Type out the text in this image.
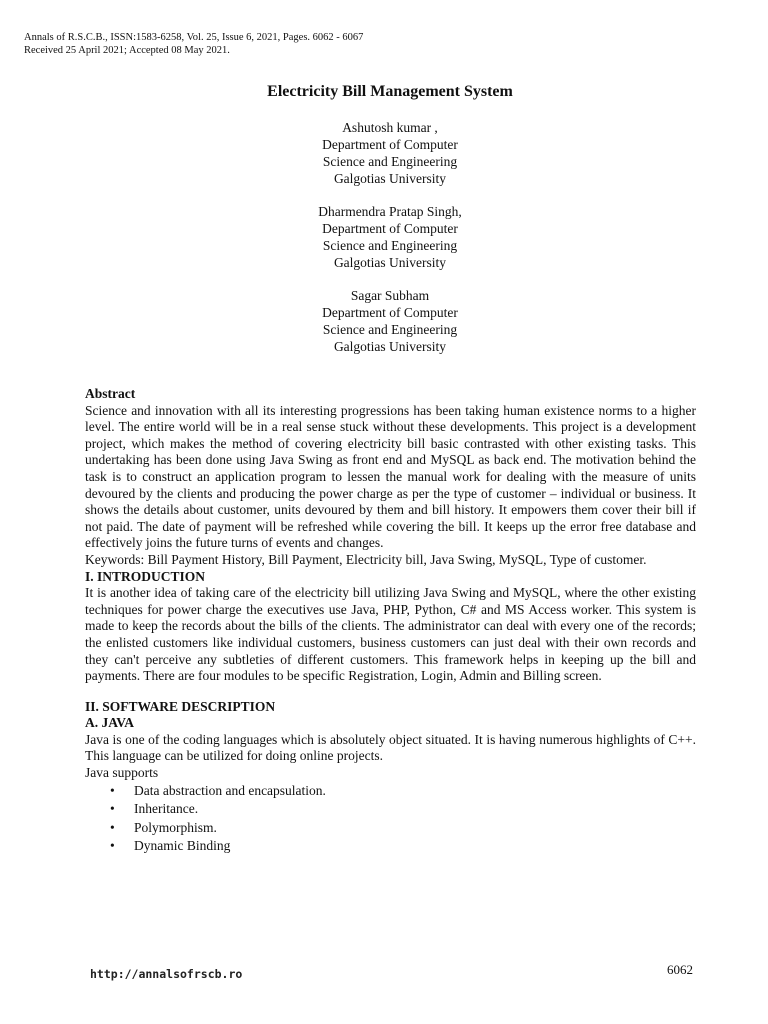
Annals of R.S.C.B., ISSN:1583-6258, Vol. 25, Issue 6, 2021, Pages. 6062 - 6067
Received 25 April 2021; Accepted 08 May 2021.
Electricity Bill Management System
Ashutosh kumar ,
Department of Computer
Science and Engineering
Galgotias University
Dharmendra Pratap Singh,
Department of Computer
Science and Engineering
Galgotias University
Sagar Subham
Department of Computer
Science and Engineering
Galgotias University

Abstract

Science and innovation with all its interesting progressions has been taking human existence norms to a higher level. The entire world will be in a real sense stuck without these developments. This project is a development project, which makes the method of covering electricity bill basic contrasted with other existing tasks. This undertaking has been done using Java Swing as front end and MySQL as back end. The motivation behind the task is to construct an application program to lessen the manual work for dealing with the measure of units devoured by the clients and producing the power charge as per the type of customer – individual or business. It shows the details about customer, units devoured by them and bill history. It empowers them cover their bill if not paid. The date of payment will be refreshed while covering the bill. It keeps up the error free database and effectively joins the future turns of events and changes.

Keywords: Bill Payment History, Bill Payment, Electricity bill, Java Swing, MySQL, Type of customer.

I. INTRODUCTION

It is another idea of taking care of the electricity bill utilizing Java Swing and MySQL, where the other existing techniques for power charge the executives use Java, PHP, Python, C# and MS Access worker. This system is made to keep the records about the bills of the clients. The administrator can deal with every one of the records; the enlisted customers like individual customers, business customers can just deal with their own records and they can't perceive any subtleties of different customers. This framework helps in keeping up the bill and payments. There are four modules to be specific Registration, Login, Admin and Billing screen.

II. SOFTWARE DESCRIPTION

A. JAVA

Java is one of the coding languages which is absolutely object situated. It is having numerous highlights of C++. This language can be utilized for doing online projects.

Java supports

• Data abstraction and encapsulation.
• Inheritance.
• Polymorphism.
• Dynamic Binding
http://annalsofrscb.ro	6062
